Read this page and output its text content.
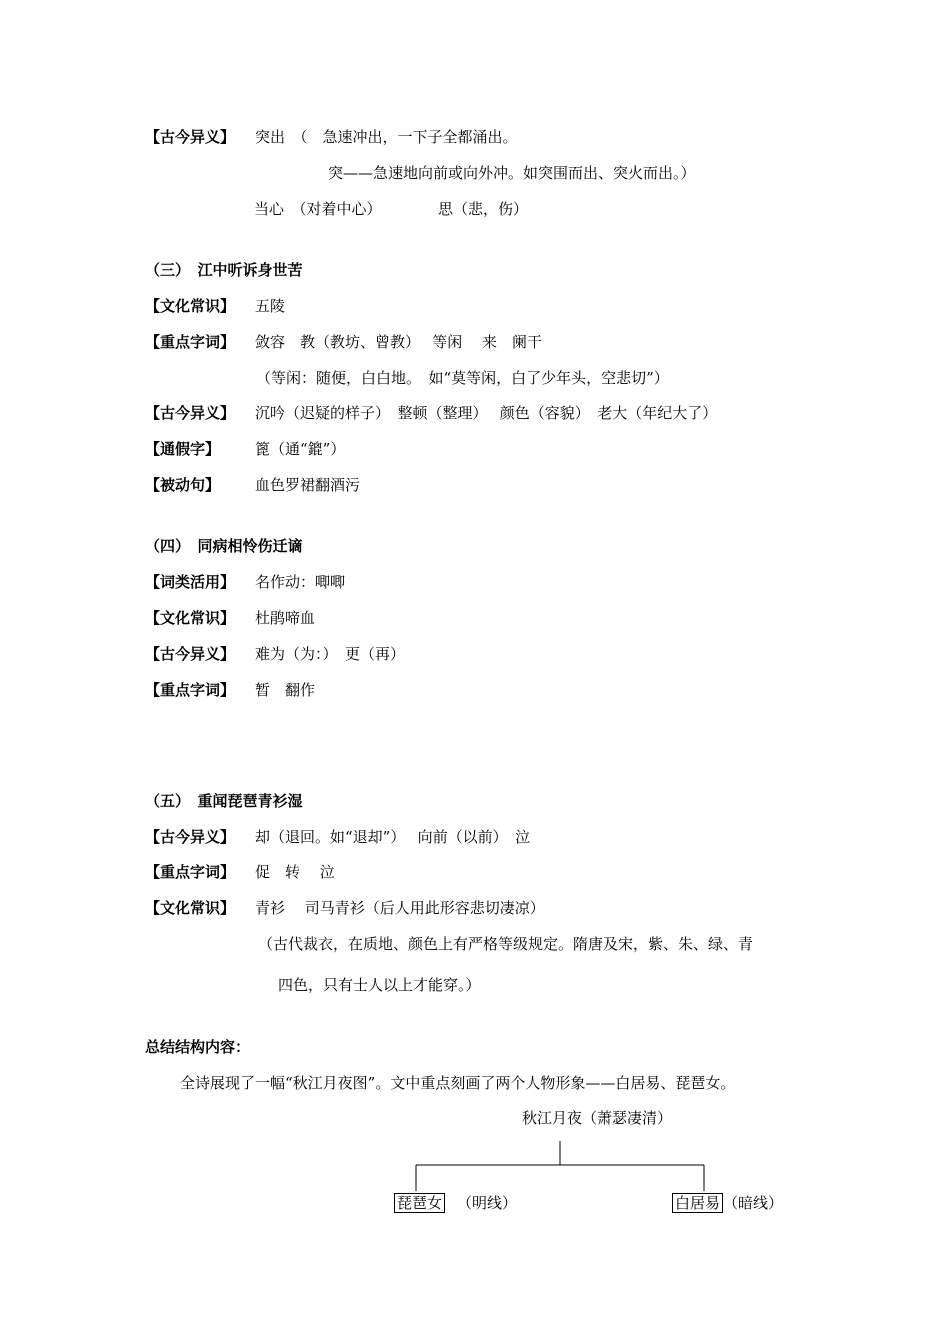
【古今异义】 突出　（　急速冲出，一下子全都涌出。
突——急速地向前或向外冲。如突围而出、突火而出。）
当心　（对着中心）	思（悲，伤）
（三）　江中听诉身世苦
【文化常识】 五陵
【重点字词】 敛容　教（教坊、曾教）　 等闲　 来　阑干
（等闲：随便，白白地。　如“莫等闲，白了少年头，空悲切”）
【古今异义】 沉吟（迟疑的样子）　整顿（整理）　 颜色（容貌）　老大（年纪大了）
【通假字】 篦（通“鎞”）
【被动句】 血色罗裙翻酒污
（四）　同病相怜伤迁谪
【词类活用】 名作动：唧唧
【文化常识】 杜鹃啼血
【古今异义】 难为（为：）　更（再）
【重点字词】 暂　翻作
（五）　重闻琵琶青衫湿
【古今异义】 却（退回。如“退却”）　 向前（以前）　泣
【重点字词】 促　转　 泣
【文化常识】 青衫　 司马青衫（后人用此形容悲切凄凉）
（古代裁衣，在质地、颜色上有严格等级规定。隋唐及宋，紫、朱、绿、青
四色，只有士人以上才能穿。）
总结结构内容：
全诗展现了一幅“秋江月夜图”。文中重点刻画了两个人物形象——白居易、琵琶女。
秋江月夜（萧瑟凄清）
琵琶女 （明线）	白居易 （暗线）
